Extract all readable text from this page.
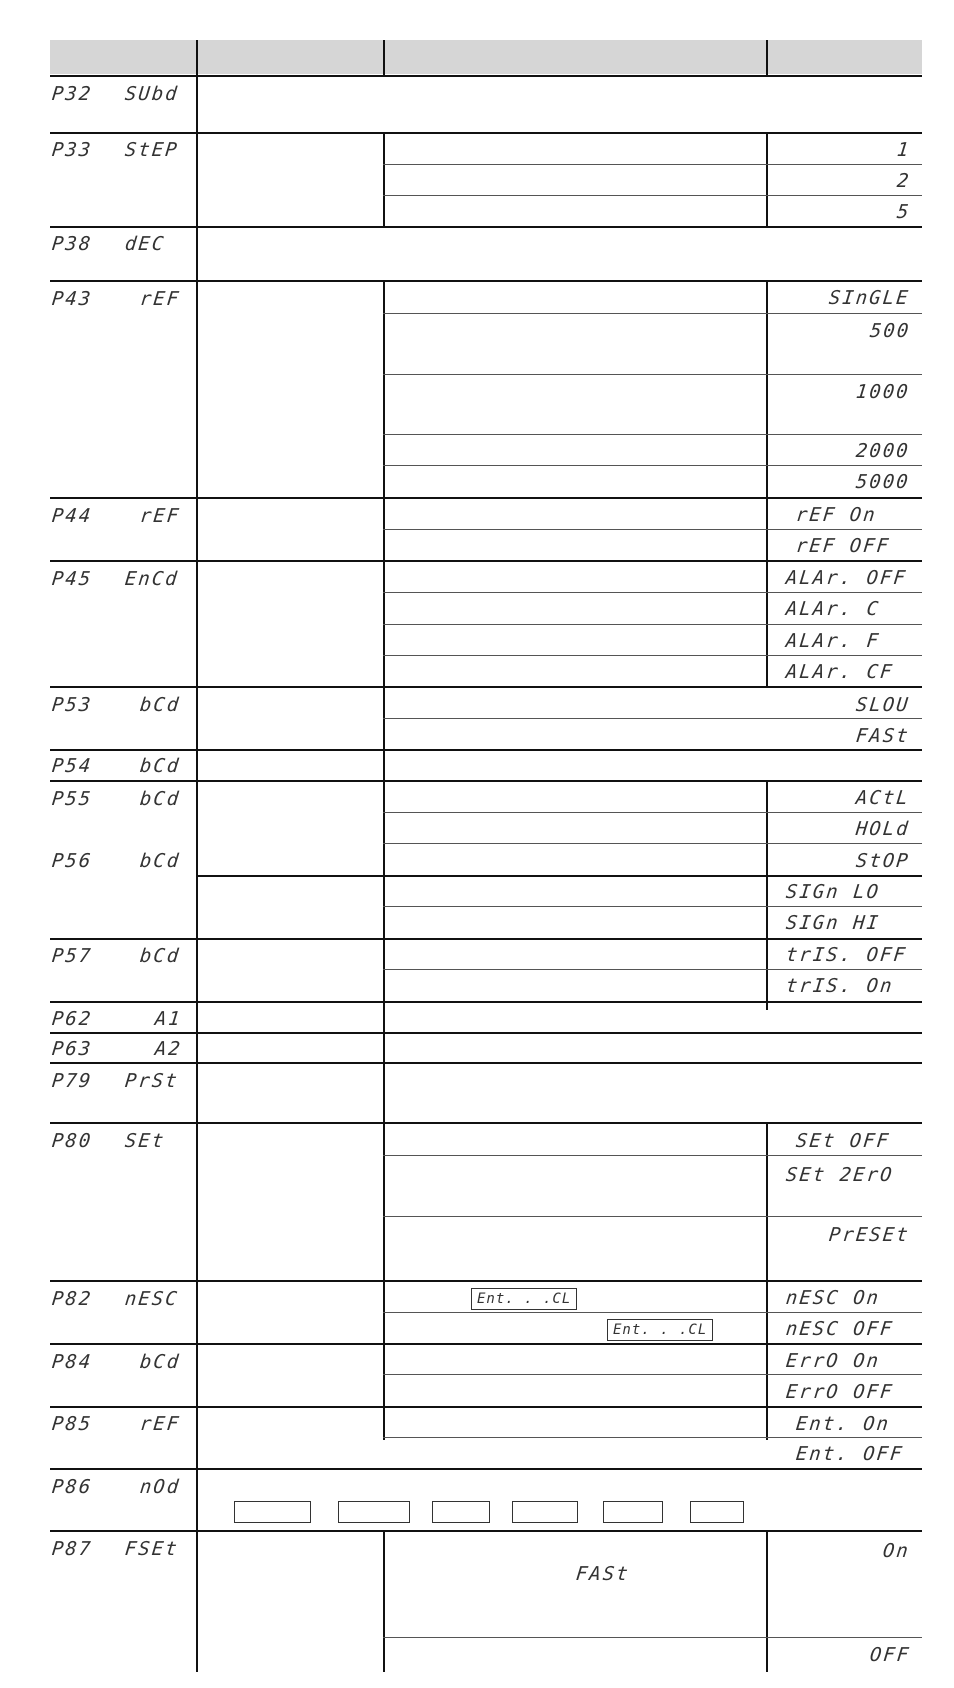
P32 SUbd
P33 StEP
P38 dEC
P43 rEF
P44 rEF
P45 EnCd
P53 bCd
P54 bCd
P55 bCd
P56 bCd
P57 bCd
P62	A1
P63	A2
P79 PrSt
P80 SEt
P82 nESC
P84 bCd
P85 rEF
P86 nOd
P87 FSEt
1
2
5
SInGLE
500
1000
2000
5000
rEF On
rEF OFF
ALAr. OFF
ALAr. C
ALAr. F
ALAr. CF
SLOU
FASt
ACtL
HOLd
StOP
SIGn LO
SIGn HI
trIS. OFF
trIS. On
SEt OFF
SEt 2ErO
PrESEt
nESC On
nESC OFF
Ent. . .CL
Ent. . .CL
ErrO On
ErrO OFF
Ent. On
Ent. OFF
FASt
On
OFF
